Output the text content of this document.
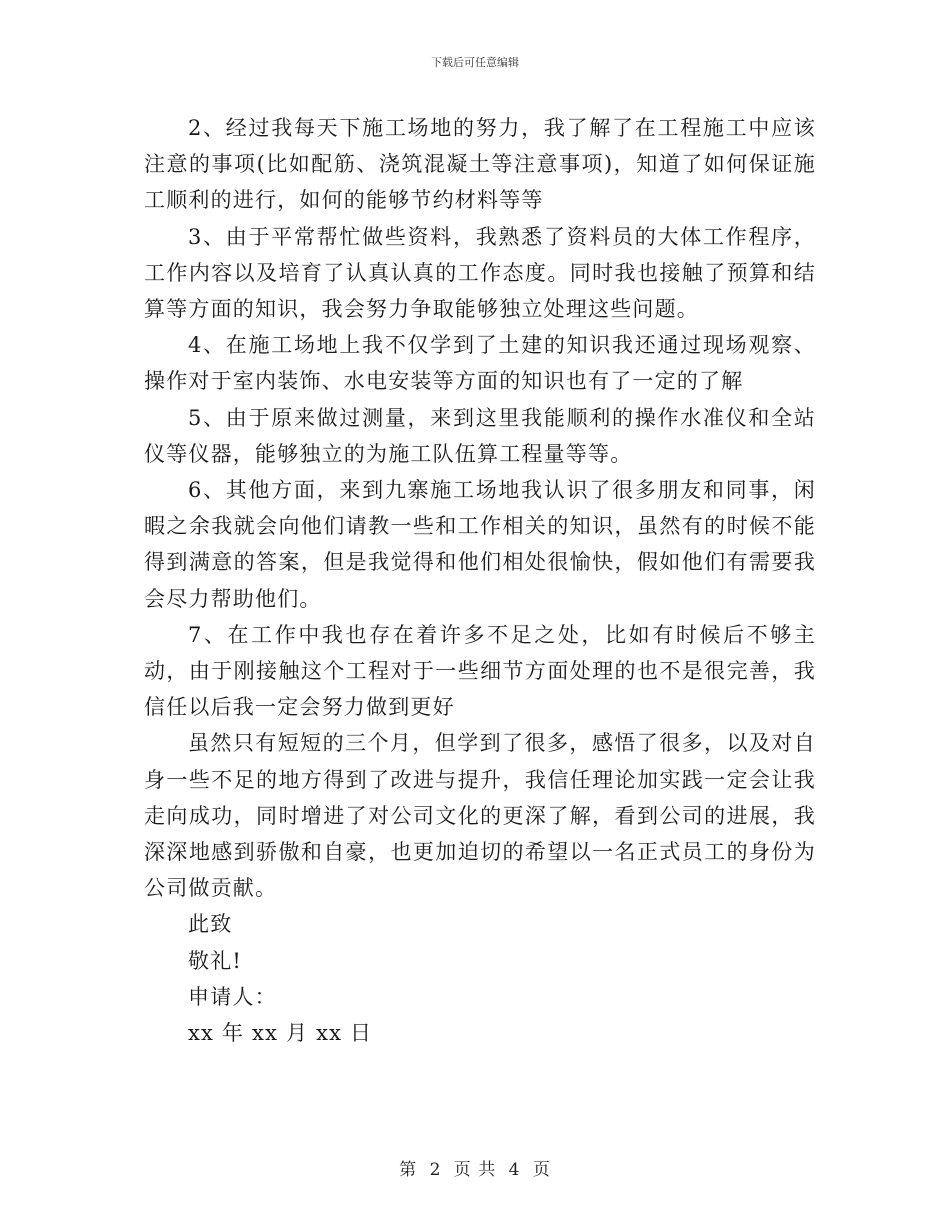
下载后可任意编辑

2、经过我每天下施工场地的努力，我了解了在工程施工中应该注意的事项(比如配筋、浇筑混凝土等注意事项)，知道了如何保证施工顺利的进行，如何的能够节约材料等等

3、由于平常帮忙做些资料，我熟悉了资料员的大体工作程序，工作内容以及培育了认真认真的工作态度。同时我也接触了预算和结算等方面的知识，我会努力争取能够独立处理这些问题。

4、在施工场地上我不仅学到了土建的知识我还通过现场观察、操作对于室内装饰、水电安装等方面的知识也有了一定的了解

5、由于原来做过测量，来到这里我能顺利的操作水准仪和全站仪等仪器，能够独立的为施工队伍算工程量等等。

6、其他方面，来到九寨施工场地我认识了很多朋友和同事，闲暇之余我就会向他们请教一些和工作相关的知识，虽然有的时候不能得到满意的答案，但是我觉得和他们相处很愉快，假如他们有需要我会尽力帮助他们。

7、在工作中我也存在着许多不足之处，比如有时候后不够主动，由于刚接触这个工程对于一些细节方面处理的也不是很完善，我信任以后我一定会努力做到更好

虽然只有短短的三个月，但学到了很多，感悟了很多，以及对自身一些不足的地方得到了改进与提升，我信任理论加实践一定会让我走向成功，同时增进了对公司文化的更深了解，看到公司的进展，我深深地感到骄傲和自豪，也更加迫切的希望以一名正式员工的身份为公司做贡献。

此致

敬礼!

申请人：

xx 年 xx 月 xx 日

第 2 页 共 4 页
